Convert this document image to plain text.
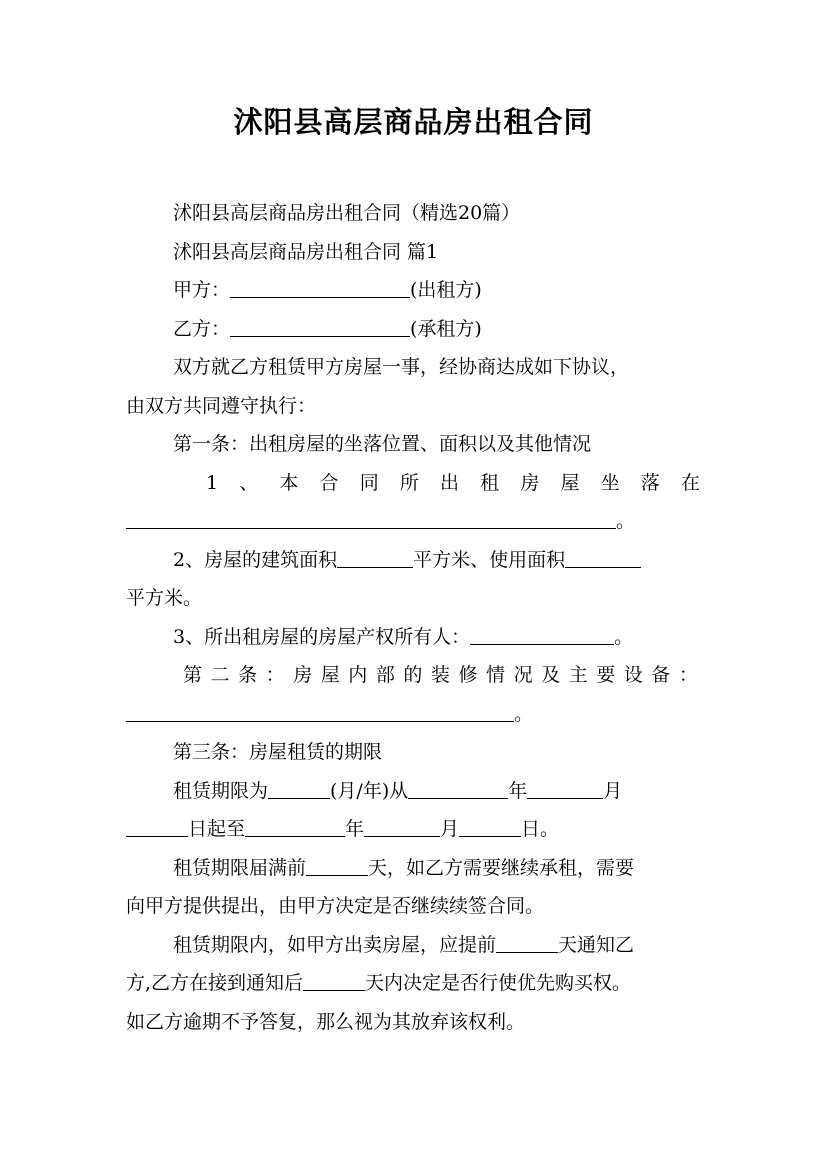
沭阳县高层商品房出租合同
沭阳县高层商品房出租合同（精选20篇）
沭阳县高层商品房出租合同 篇1
甲方：	(出租方)
乙方：	(承租方)
双方就乙方租赁甲方房屋一事，经协商达成如下协议，
由双方共同遵守执行：
第一条：出租房屋的坐落位置、面积以及其他情况
1 、 本 合 同 所 出 租 房 屋 坐 落 在
。
2、房屋的建筑面积	平方米、使用面积
平方米。
3、所出租房屋的房屋产权所有人：	。
第 二 条 ： 房 屋 内 部 的 装 修 情 况 及 主 要 设 备 ：
。
第三条：房屋租赁的期限
租赁期限为	(月/年)从	年	月
日起至	年	月	日。
租赁期限届满前	天，如乙方需要继续承租，需要
向甲方提供提出，由甲方决定是否继续续签合同。
租赁期限内，如甲方出卖房屋，应提前	天通知乙
方,乙方在接到通知后	天内决定是否行使优先购买权。
如乙方逾期不予答复，那么视为其放弃该权利。
